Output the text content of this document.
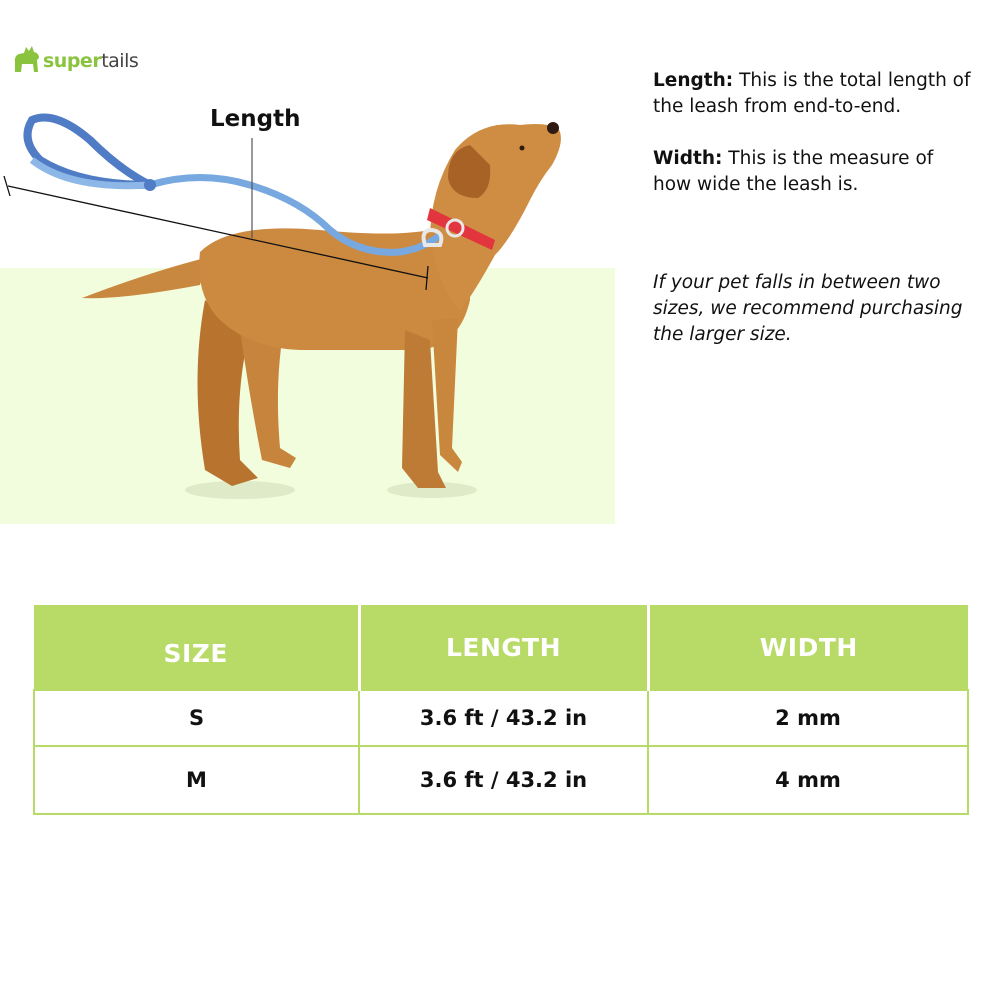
supertails
Length

Length: This is the total length of the leash from end-to-end.

Width: This is the measure of how wide the leash is.

If your pet falls in between two sizes, we recommend purchasing the larger size.
SIZE	LENGTH	WIDTH
S	3.6 ft / 43.2 in	2 mm
M	3.6 ft / 43.2 in	4 mm
